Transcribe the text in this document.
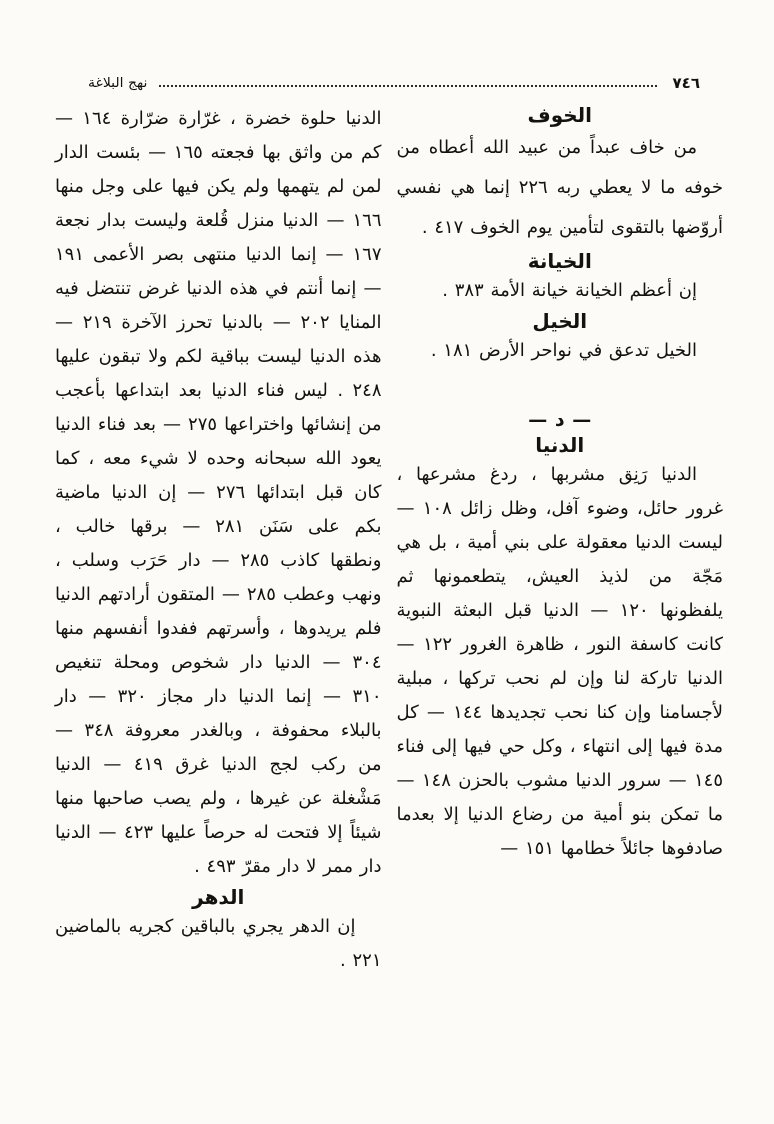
نهج البلاغة	٧٤٦
الخوف

من خاف عبداً من عبيد الله أعطاه من خوفه ما لا يعطي ربه ٢٢٦ إنما هي نفسي أروّضها بالتقوى لتأمين يوم الخوف ٤١٧ .

الخيانة

إن أعظم الخيانة خيانة الأمة ٣٨٣ .

الخيل

الخيل تدعق في نواحر الأرض ١٨١ .

— د —
الدنيا

الدنيا رَنِق مشربها ، ردغ مشرعها ، غرور حائل، وضوء آفل، وظل زائل ١٠٨ — ليست الدنيا معقولة على بني أمية ، بل هي مَجّة من لذيذ العيش، يتطعمونها ثم يلفظونها ١٢٠ — الدنيا قبل البعثة النبوية كانت كاسفة النور ، ظاهرة الغرور ١٢٢ — الدنيا تاركة لنا وإن لم نحب تركها ، مبلية لأجسامنا وإن كنا نحب تجديدها ١٤٤ — كل مدة فيها إلى انتهاء ، وكل حي فيها إلى فناء ١٤٥ — سرور الدنيا مشوب بالحزن ١٤٨ — ما تمكن بنو أمية من رضاع الدنيا إلا بعدما صادفوها جائلاً خطامها ١٥١ —

الدنيا حلوة خضرة ، غرّارة ضرّارة ١٦٤ — كم من واثق بها فجعته ١٦٥ — بئست الدار لمن لم يتهمها ولم يكن فيها على وجل منها ١٦٦ — الدنيا منزل قُلعة وليست بدار نجعة ١٦٧ — إنما الدنيا منتهى بصر الأعمى ١٩١ — إنما أنتم في هذه الدنيا غرض تنتضل فيه المنايا ٢٠٢ — بالدنيا تحرز الآخرة ٢١٩ — هذه الدنيا ليست بباقية لكم ولا تبقون عليها ٢٤٨ . ليس فناء الدنيا بعد ابتداعها بأعجب من إنشائها واختراعها ٢٧٥ — بعد فناء الدنيا يعود الله سبحانه وحده لا شيء معه ، كما كان قبل ابتدائها ٢٧٦ — إن الدنيا ماضية بكم على سَنَن ٢٨١ — برقها خالب ، ونطقها كاذب ٢٨٥ — دار حَرَب وسلب ، ونهب وعطب ٢٨٥ — المتقون أرادتهم الدنيا فلم يريدوها ، وأسرتهم ففدوا أنفسهم منها ٣٠٤ — الدنيا دار شخوص ومحلة تنغيص ٣١٠ — إنما الدنيا دار مجاز ٣٢٠ — دار بالبلاء محفوفة ، وبالغدر معروفة ٣٤٨ — من ركب لجج الدنيا غرق ٤١٩ — الدنيا مَشْغلة عن غيرها ، ولم يصب صاحبها منها شيئاً إلا فتحت له حرصاً عليها ٤٢٣ — الدنيا دار ممر لا دار مقرّ ٤٩٣ .

الدهر

إن الدهر يجري بالباقين كجريه بالماضين ٢٢١ .
